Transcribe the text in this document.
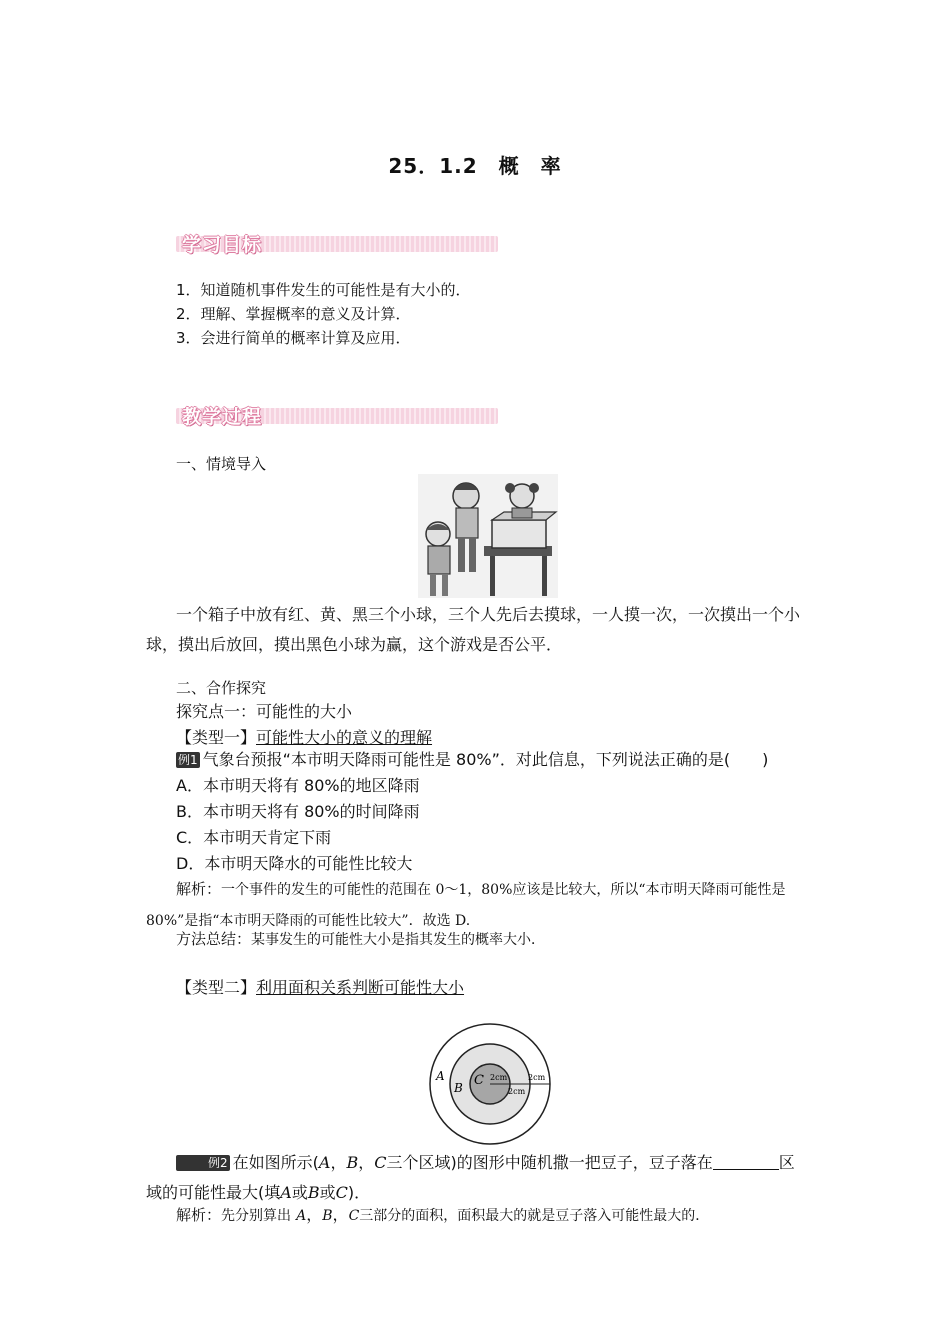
25．1.2　概　率
学习目标
1．知道随机事件发生的可能性是有大小的．
2．理解、掌握概率的意义及计算．
3．会进行简单的概率计算及应用．
教学过程
一、情境导入
一个箱子中放有红、黄、黑三个小球，三个人先后去摸球，一人摸一次，一次摸出一个小球，摸出后放回，摸出黑色小球为赢，这个游戏是否公平．
二、合作探究
探究点一：可能性的大小
【类型一】可能性大小的意义的理解
例1 气象台预报“本市明天降雨可能性是 80%”．对此信息，下列说法正确的是(　　)
A．本市明天将有 80%的地区降雨
B．本市明天将有 80%的时间降雨
C．本市明天肯定下雨
D．本市明天降水的可能性比较大
解析：一个事件的发生的可能性的范围在 0～1，80%应该是比较大，所以“本市明天降雨可能性是 80%”是指“本市明天降雨的可能性比较大”．故选 D.
方法总结：某事发生的可能性大小是指其发生的概率大小．
【类型二】利用面积关系判断可能性大小
A
B C 2cm	2cm
2cm
例2 在如图所示(A，B，C三个区域)的图形中随机撒一把豆子，豆子落在	区域的可能性最大(填A或B或C)．
解析：先分别算出 A，B，C三部分的面积，面积最大的就是豆子落入可能性最大的．
